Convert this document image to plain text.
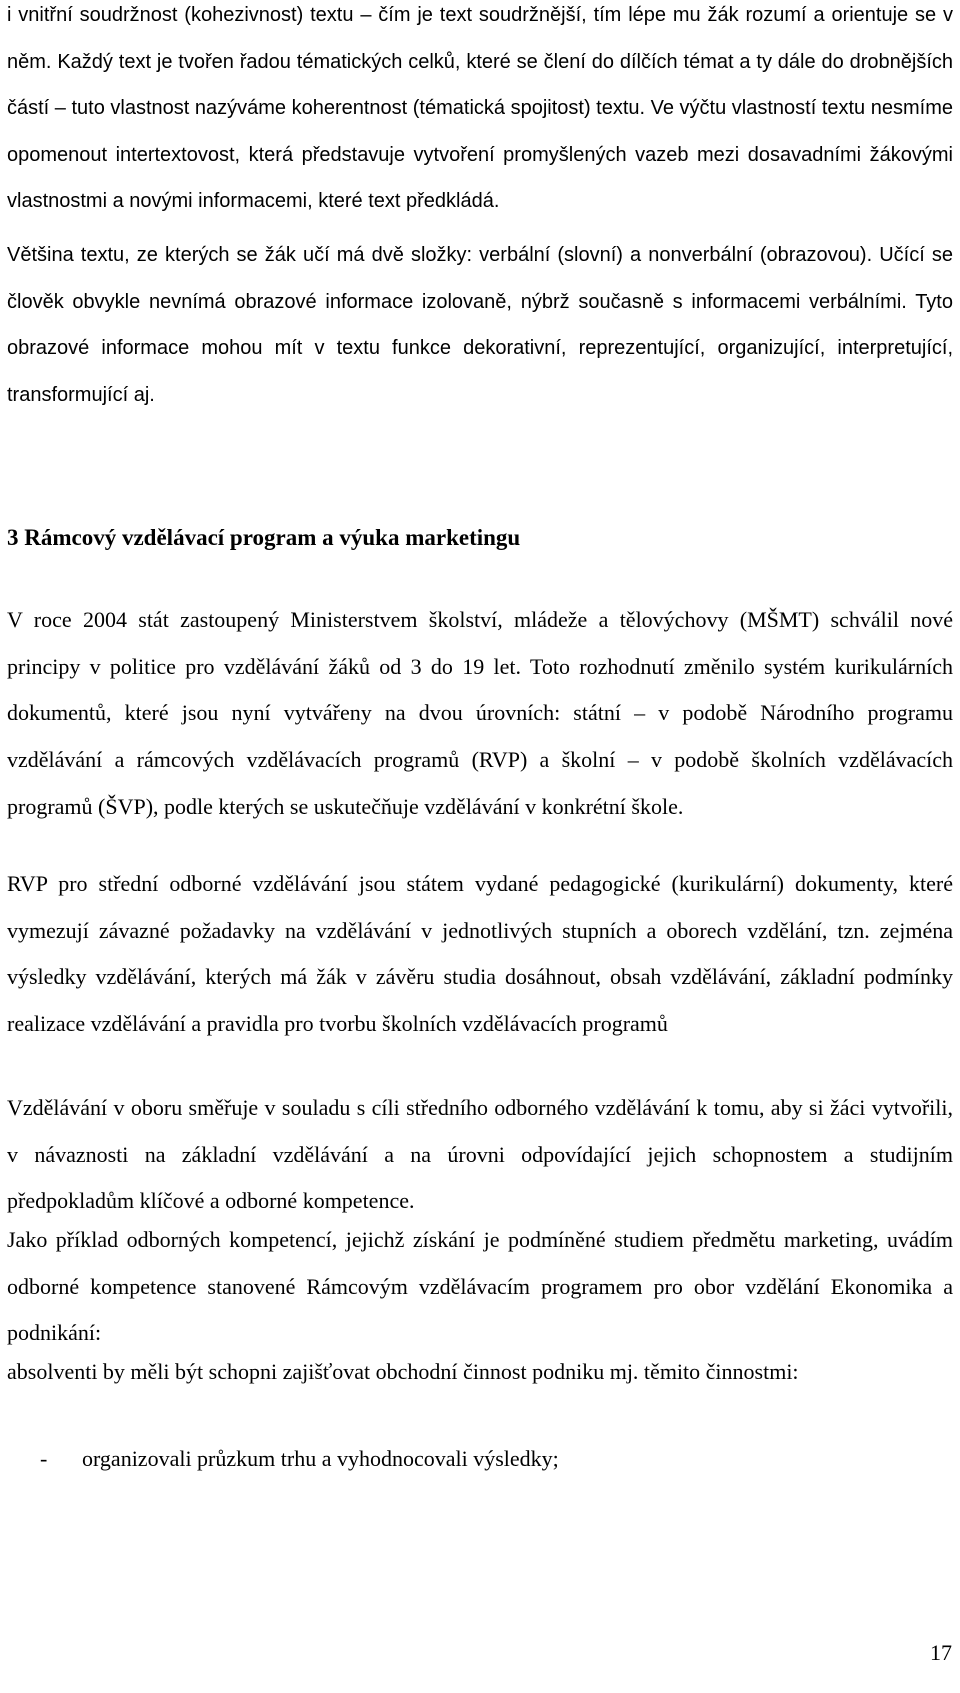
i vnitřní soudržnost (kohezivnost) textu – čím je text soudržnější, tím lépe mu žák rozumí a orientuje se v něm. Každý text je tvořen řadou tématických celků, které se člení do dílčích témat a ty dále do drobnějších částí – tuto vlastnost nazýváme koherentnost (tématická spojitost) textu. Ve výčtu vlastností textu nesmíme opomenout intertextovost, která představuje vytvoření promyšlených vazeb mezi dosavadními žákovými vlastnostmi a novými informacemi, které text předkládá.

Většina textu, ze kterých se žák učí má dvě složky: verbální (slovní) a nonverbální (obrazovou). Učící se člověk obvykle nevnímá obrazové informace izolovaně, nýbrž současně s informacemi verbálními. Tyto obrazové informace mohou mít v textu funkce dekorativní, reprezentující, organizující, interpretující, transformující aj.

3 Rámcový vzdělávací program a výuka marketingu

V roce 2004 stát zastoupený Ministerstvem školství, mládeže a tělovýchovy (MŠMT) schválil nové principy v politice pro vzdělávání žáků od 3 do 19 let. Toto rozhodnutí změnilo systém kurikulárních dokumentů, které jsou nyní vytvářeny na dvou úrovních: státní – v podobě Národního programu vzdělávání a rámcových vzdělávacích programů (RVP) a školní – v podobě školních vzdělávacích programů (ŠVP), podle kterých se uskutečňuje vzdělávání v konkrétní škole.

RVP pro střední odborné vzdělávání jsou státem vydané pedagogické (kurikulární) dokumenty, které vymezují závazné požadavky na vzdělávání v jednotlivých stupních a oborech vzdělání, tzn. zejména výsledky vzdělávání, kterých má žák v závěru studia dosáhnout, obsah vzdělávání, základní podmínky realizace vzdělávání a pravidla pro tvorbu školních vzdělávacích programů

Vzdělávání v oboru směřuje v souladu s cíli středního odborného vzdělávání k tomu, aby si žáci vytvořili, v návaznosti na základní vzdělávání a na úrovni odpovídající jejich schopnostem a studijním předpokladům klíčové a odborné kompetence.

Jako příklad odborných kompetencí, jejichž získání je podmíněné studiem předmětu marketing, uvádím odborné kompetence stanovené Rámcovým vzdělávacím programem pro obor vzdělání Ekonomika a podnikání:

absolventi by měli být schopni zajišťovat obchodní činnost podniku mj. těmito činnostmi:

- organizovali průzkum trhu a vyhodnocovali výsledky;
17
